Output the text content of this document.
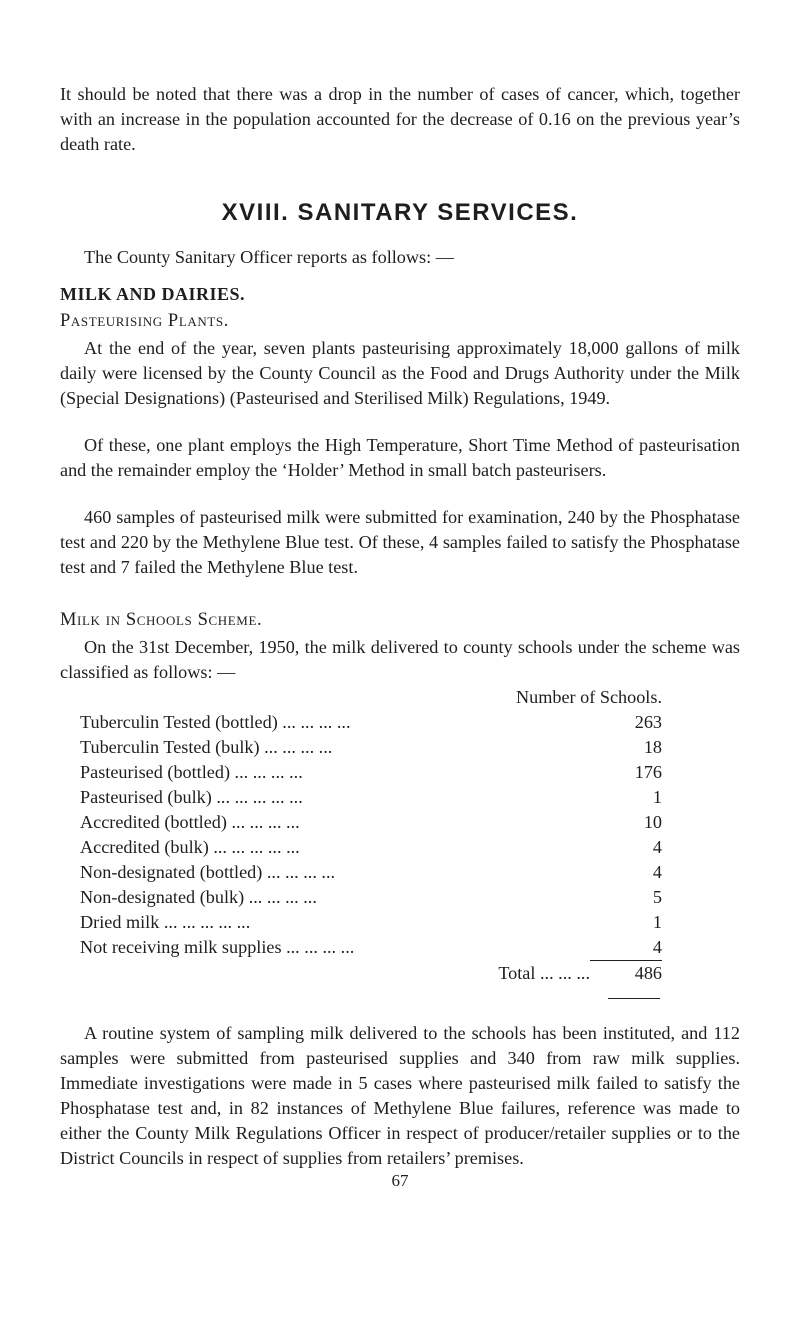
It should be noted that there was a drop in the number of cases of cancer, which, together with an increase in the population accounted for the decrease of 0.16 on the previous year’s death rate.

XVIII. SANITARY SERVICES.

The County Sanitary Officer reports as follows: —

MILK AND DAIRIES.
Pasteurising Plants.

At the end of the year, seven plants pasteurising approximately 18,000 gallons of milk daily were licensed by the County Council as the Food and Drugs Authority under the Milk (Special Designations) (Pasteurised and Sterilised Milk) Regulations, 1949.

Of these, one plant employs the High Temperature, Short Time Method of pasteurisation and the remainder employ the ‘Holder’ Method in small batch pasteurisers.

460 samples of pasteurised milk were submitted for examination, 240 by the Phosphatase test and 220 by the Methylene Blue test. Of these, 4 samples failed to satisfy the Phosphatase test and 7 failed the Methylene Blue test.

Milk in Schools Scheme.

On the 31st December, 1950, the milk delivered to county schools under the scheme was classified as follows: —

Number of Schools.	
Tuberculin Tested (bottled) ... ... ... ...	263
Tuberculin Tested (bulk) ... ... ... ...	18
Pasteurised (bottled) ... ... ... ...	176
Pasteurised (bulk) ... ... ... ... ...	1
Accredited (bottled) ... ... ... ...	10
Accredited (bulk) ... ... ... ... ...	4
Non-designated (bottled) ... ... ... ...	4
Non-designated (bulk) ... ... ... ...	5
Dried milk ... ... ... ... ...	1
Not receiving milk supplies ... ... ... ...	4
Total ... ... ...	486

A routine system of sampling milk delivered to the schools has been instituted, and 112 samples were submitted from pasteurised supplies and 340 from raw milk supplies. Immediate investigations were made in 5 cases where pasteurised milk failed to satisfy the Phosphatase test and, in 82 instances of Methylene Blue failures, reference was made to either the County Milk Regulations Officer in respect of producer/retailer supplies or to the District Councils in respect of supplies from retailers’ premises.

67
